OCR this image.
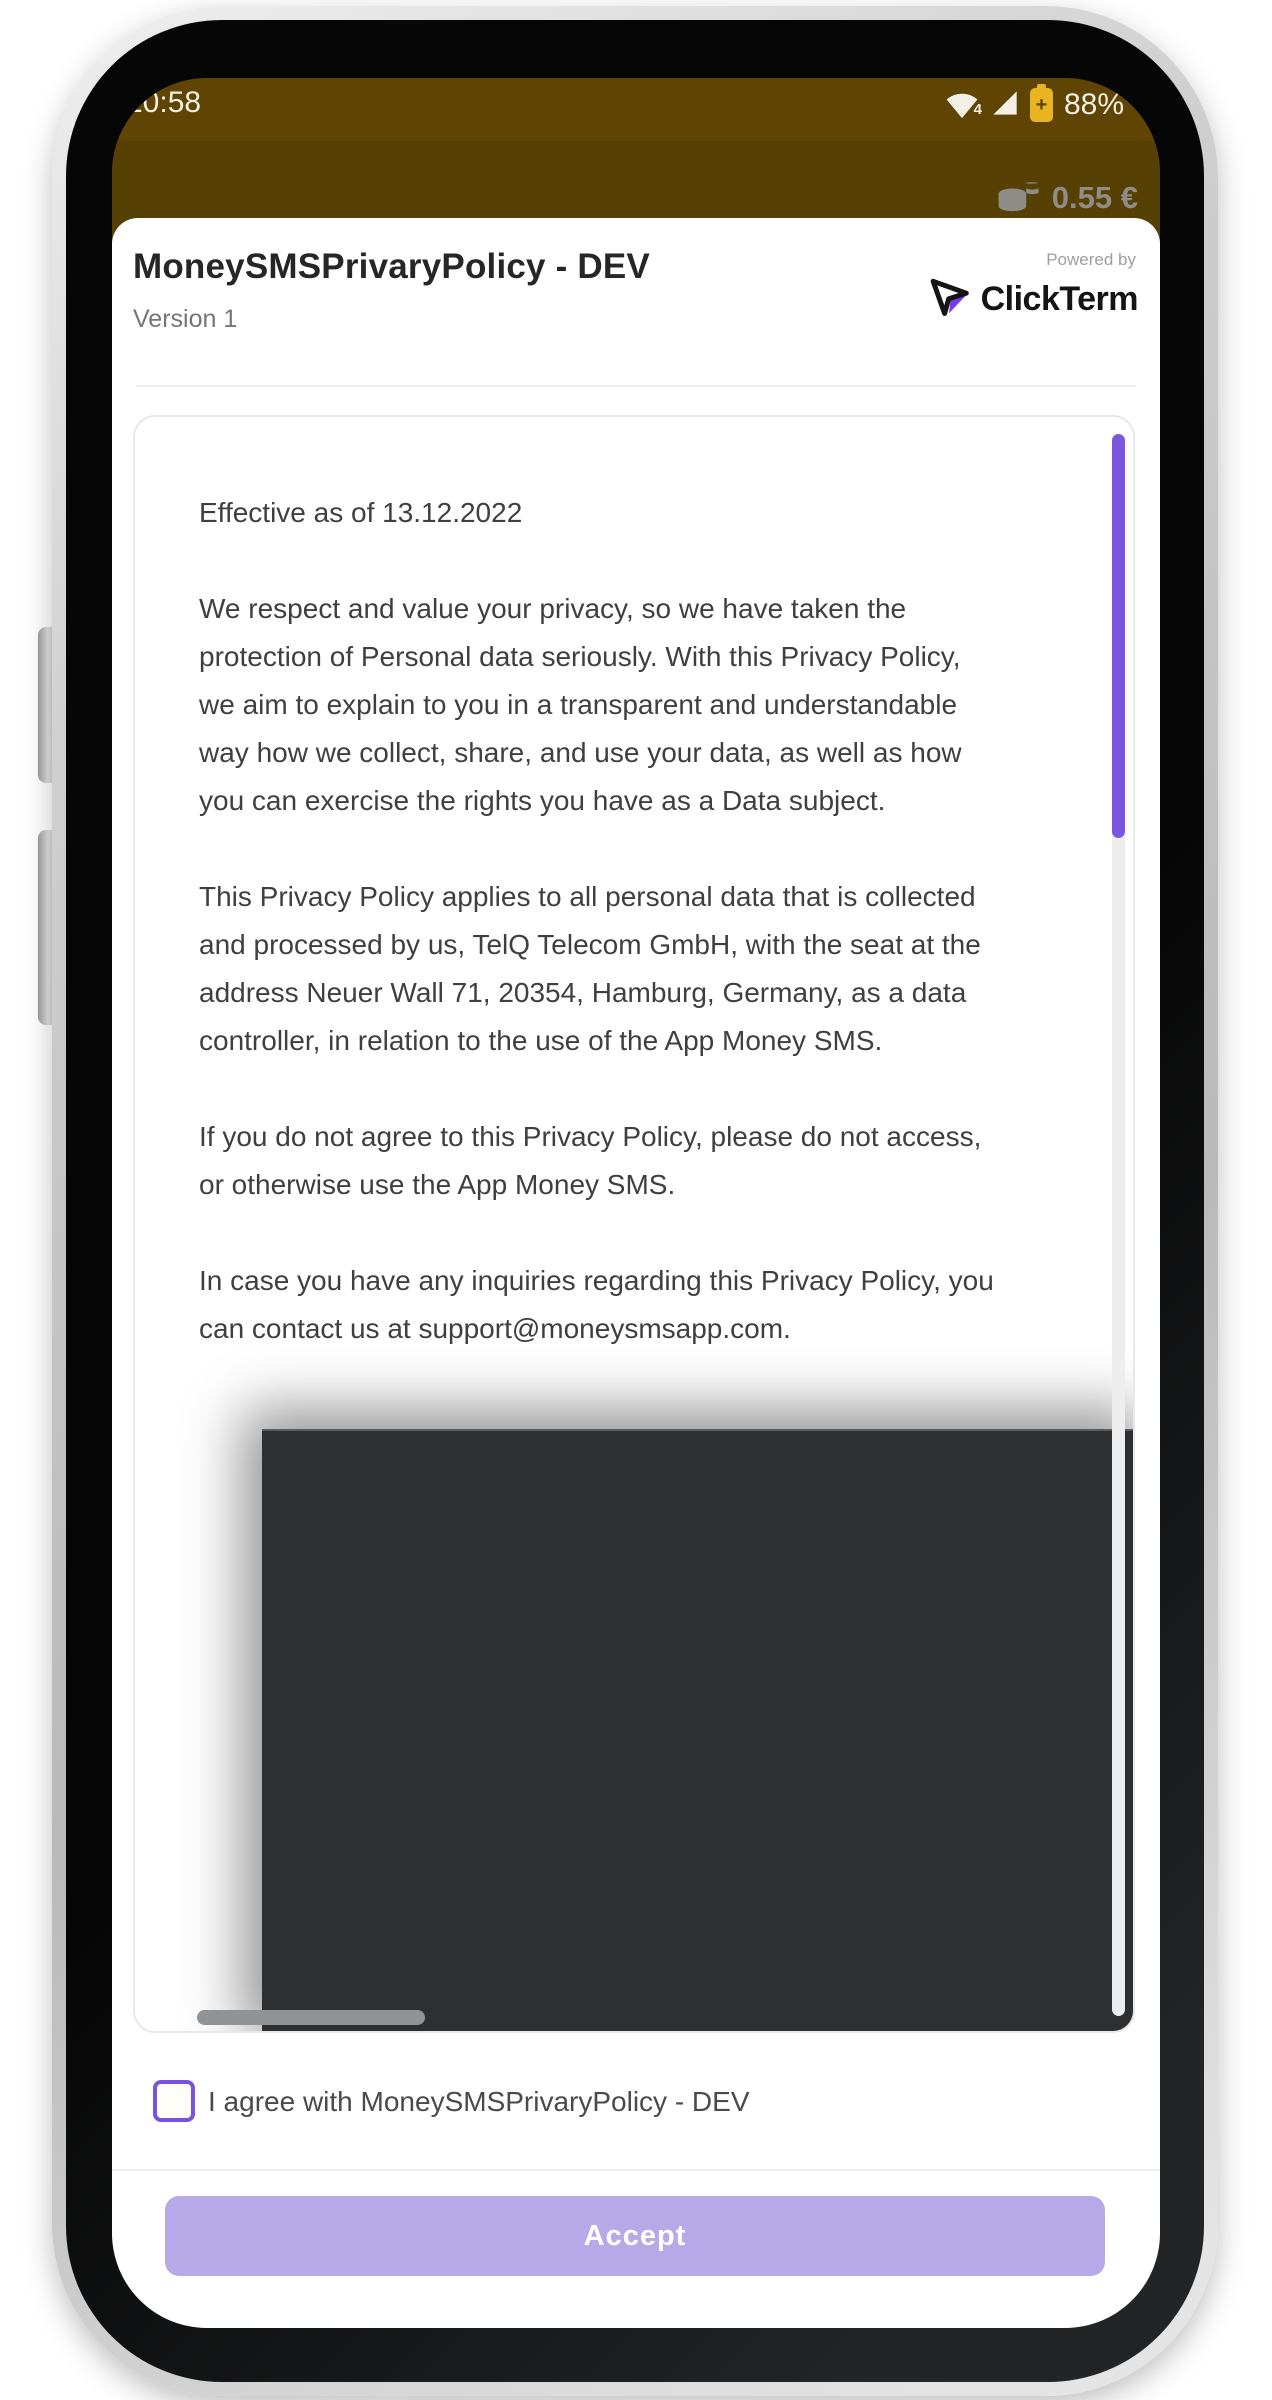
10:58	4	+ 88%
0.55 €
MoneySMSPrivaryPolicy - DEV
Version 1
Powered by
ClickTerm

Effective as of 13.12.2022

We respect and value your privacy, so we have taken the
protection of Personal data seriously. With this Privacy Policy,
we aim to explain to you in a transparent and understandable
way how we collect, share, and use your data, as well as how
you can exercise the rights you have as a Data subject.

This Privacy Policy applies to all personal data that is collected
and processed by us, TelQ Telecom GmbH, with the seat at the
address Neuer Wall 71, 20354, Hamburg, Germany, as a data
controller, in relation to the use of the App Money SMS.

If you do not agree to this Privacy Policy, please do not access,
or otherwise use the App Money SMS.

In case you have any inquiries regarding this Privacy Policy, you
can contact us at support@moneysmsapp.com.

I agree with MoneySMSPrivaryPolicy - DEV
Accept
